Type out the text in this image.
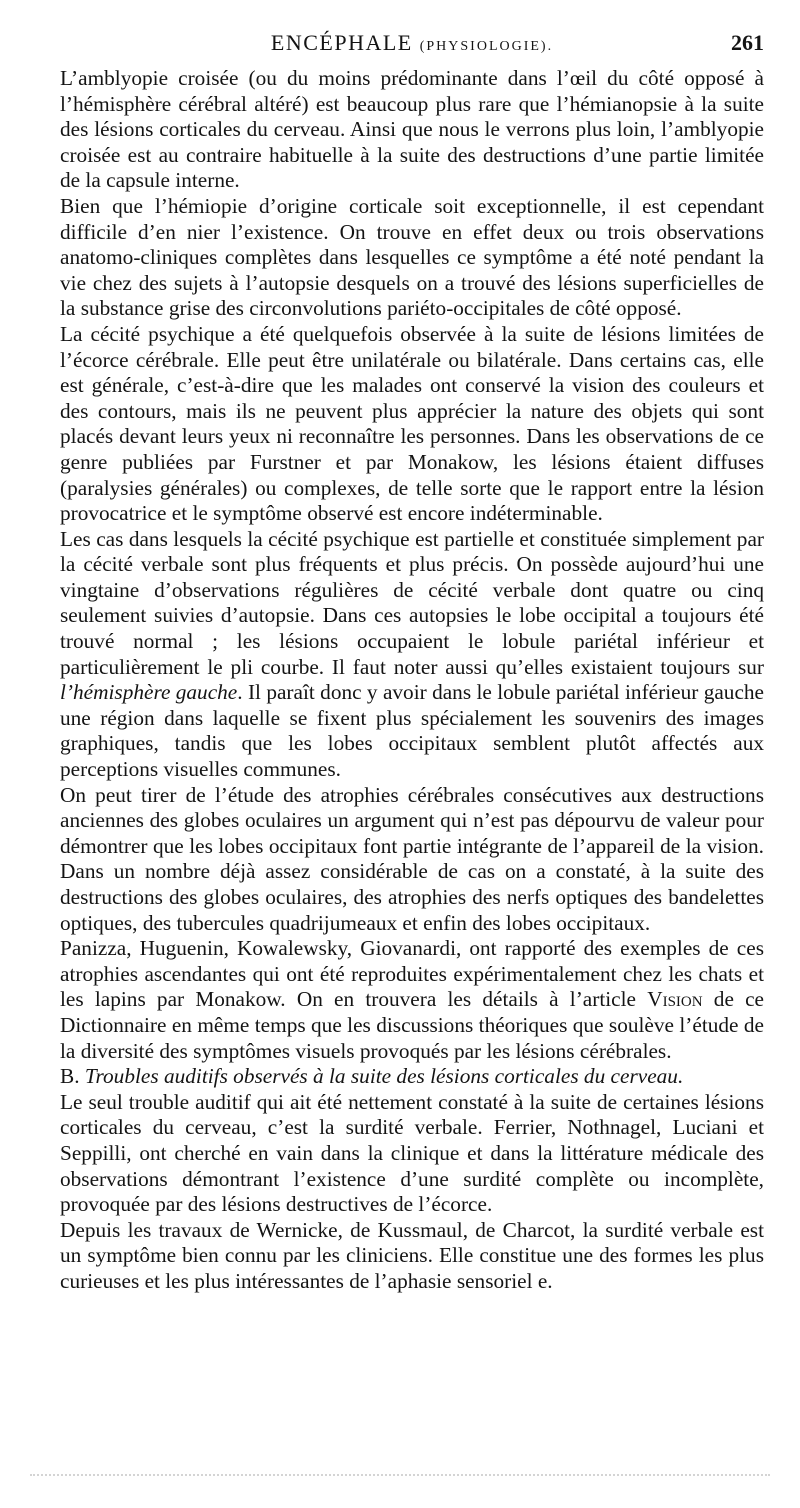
ENCÉPHALE (PHYSIOLOGIE).	261

L’amblyopie croisée (ou du moins prédominante dans l’œil du côté opposé à l’hémisphère cérébral altéré) est beaucoup plus rare que l’hémianopsie à la suite des lésions corticales du cerveau. Ainsi que nous le verrons plus loin, l’amblyopie croisée est au contraire habituelle à la suite des destructions d’une partie limitée de la capsule interne.

Bien que l’hémiopie d’origine corticale soit exceptionnelle, il est cependant difficile d’en nier l’existence. On trouve en effet deux ou trois observations anatomo-cliniques complètes dans lesquelles ce symptôme a été noté pendant la vie chez des sujets à l’autopsie desquels on a trouvé des lésions superficielles de la substance grise des circonvolutions pariéto-occipitales de côté opposé.

La cécité psychique a été quelquefois observée à la suite de lésions limitées de l’écorce cérébrale. Elle peut être unilatérale ou bilatérale. Dans certains cas, elle est générale, c’est-à-dire que les malades ont conservé la vision des couleurs et des contours, mais ils ne peuvent plus apprécier la nature des objets qui sont placés devant leurs yeux ni reconnaître les personnes. Dans les observations de ce genre publiées par Furstner et par Monakow, les lésions étaient diffuses (paralysies générales) ou complexes, de telle sorte que le rapport entre la lésion provocatrice et le symptôme observé est encore indéterminable.

Les cas dans lesquels la cécité psychique est partielle et constituée simplement par la cécité verbale sont plus fréquents et plus précis. On possède aujourd’hui une vingtaine d’observations régulières de cécité verbale dont quatre ou cinq seulement suivies d’autopsie. Dans ces autopsies le lobe occipital a toujours été trouvé normal ; les lésions occupaient le lobule pariétal inférieur et particulièrement le pli courbe. Il faut noter aussi qu’elles existaient toujours sur l’hémisphère gauche. Il paraît donc y avoir dans le lobule pariétal inférieur gauche une région dans laquelle se fixent plus spécialement les souvenirs des images graphiques, tandis que les lobes occipitaux semblent plutôt affectés aux perceptions visuelles communes.

On peut tirer de l’étude des atrophies cérébrales consécutives aux destructions anciennes des globes oculaires un argument qui n’est pas dépourvu de valeur pour démontrer que les lobes occipitaux font partie intégrante de l’appareil de la vision. Dans un nombre déjà assez considérable de cas on a constaté, à la suite des destructions des globes oculaires, des atrophies des nerfs optiques des bandelettes optiques, des tubercules quadrijumeaux et enfin des lobes occipitaux.

Panizza, Huguenin, Kowalewsky, Giovanardi, ont rapporté des exemples de ces atrophies ascendantes qui ont été reproduites expérimentalement chez les chats et les lapins par Monakow. On en trouvera les détails à l’article Vision de ce Dictionnaire en même temps que les discussions théoriques que soulève l’étude de la diversité des symptômes visuels provoqués par les lésions cérébrales.

B. Troubles auditifs observés à la suite des lésions corticales du cerveau.

Le seul trouble auditif qui ait été nettement constaté à la suite de certaines lésions corticales du cerveau, c’est la surdité verbale. Ferrier, Nothnagel, Luciani et Seppilli, ont cherché en vain dans la clinique et dans la littérature médicale des observations démontrant l’existence d’une surdité complète ou incomplète, provoquée par des lésions destructives de l’écorce.

Depuis les travaux de Wernicke, de Kussmaul, de Charcot, la surdité verbale est un symptôme bien connu par les cliniciens. Elle constitue une des formes les plus curieuses et les plus intéressantes de l’aphasie sensoriel e.
